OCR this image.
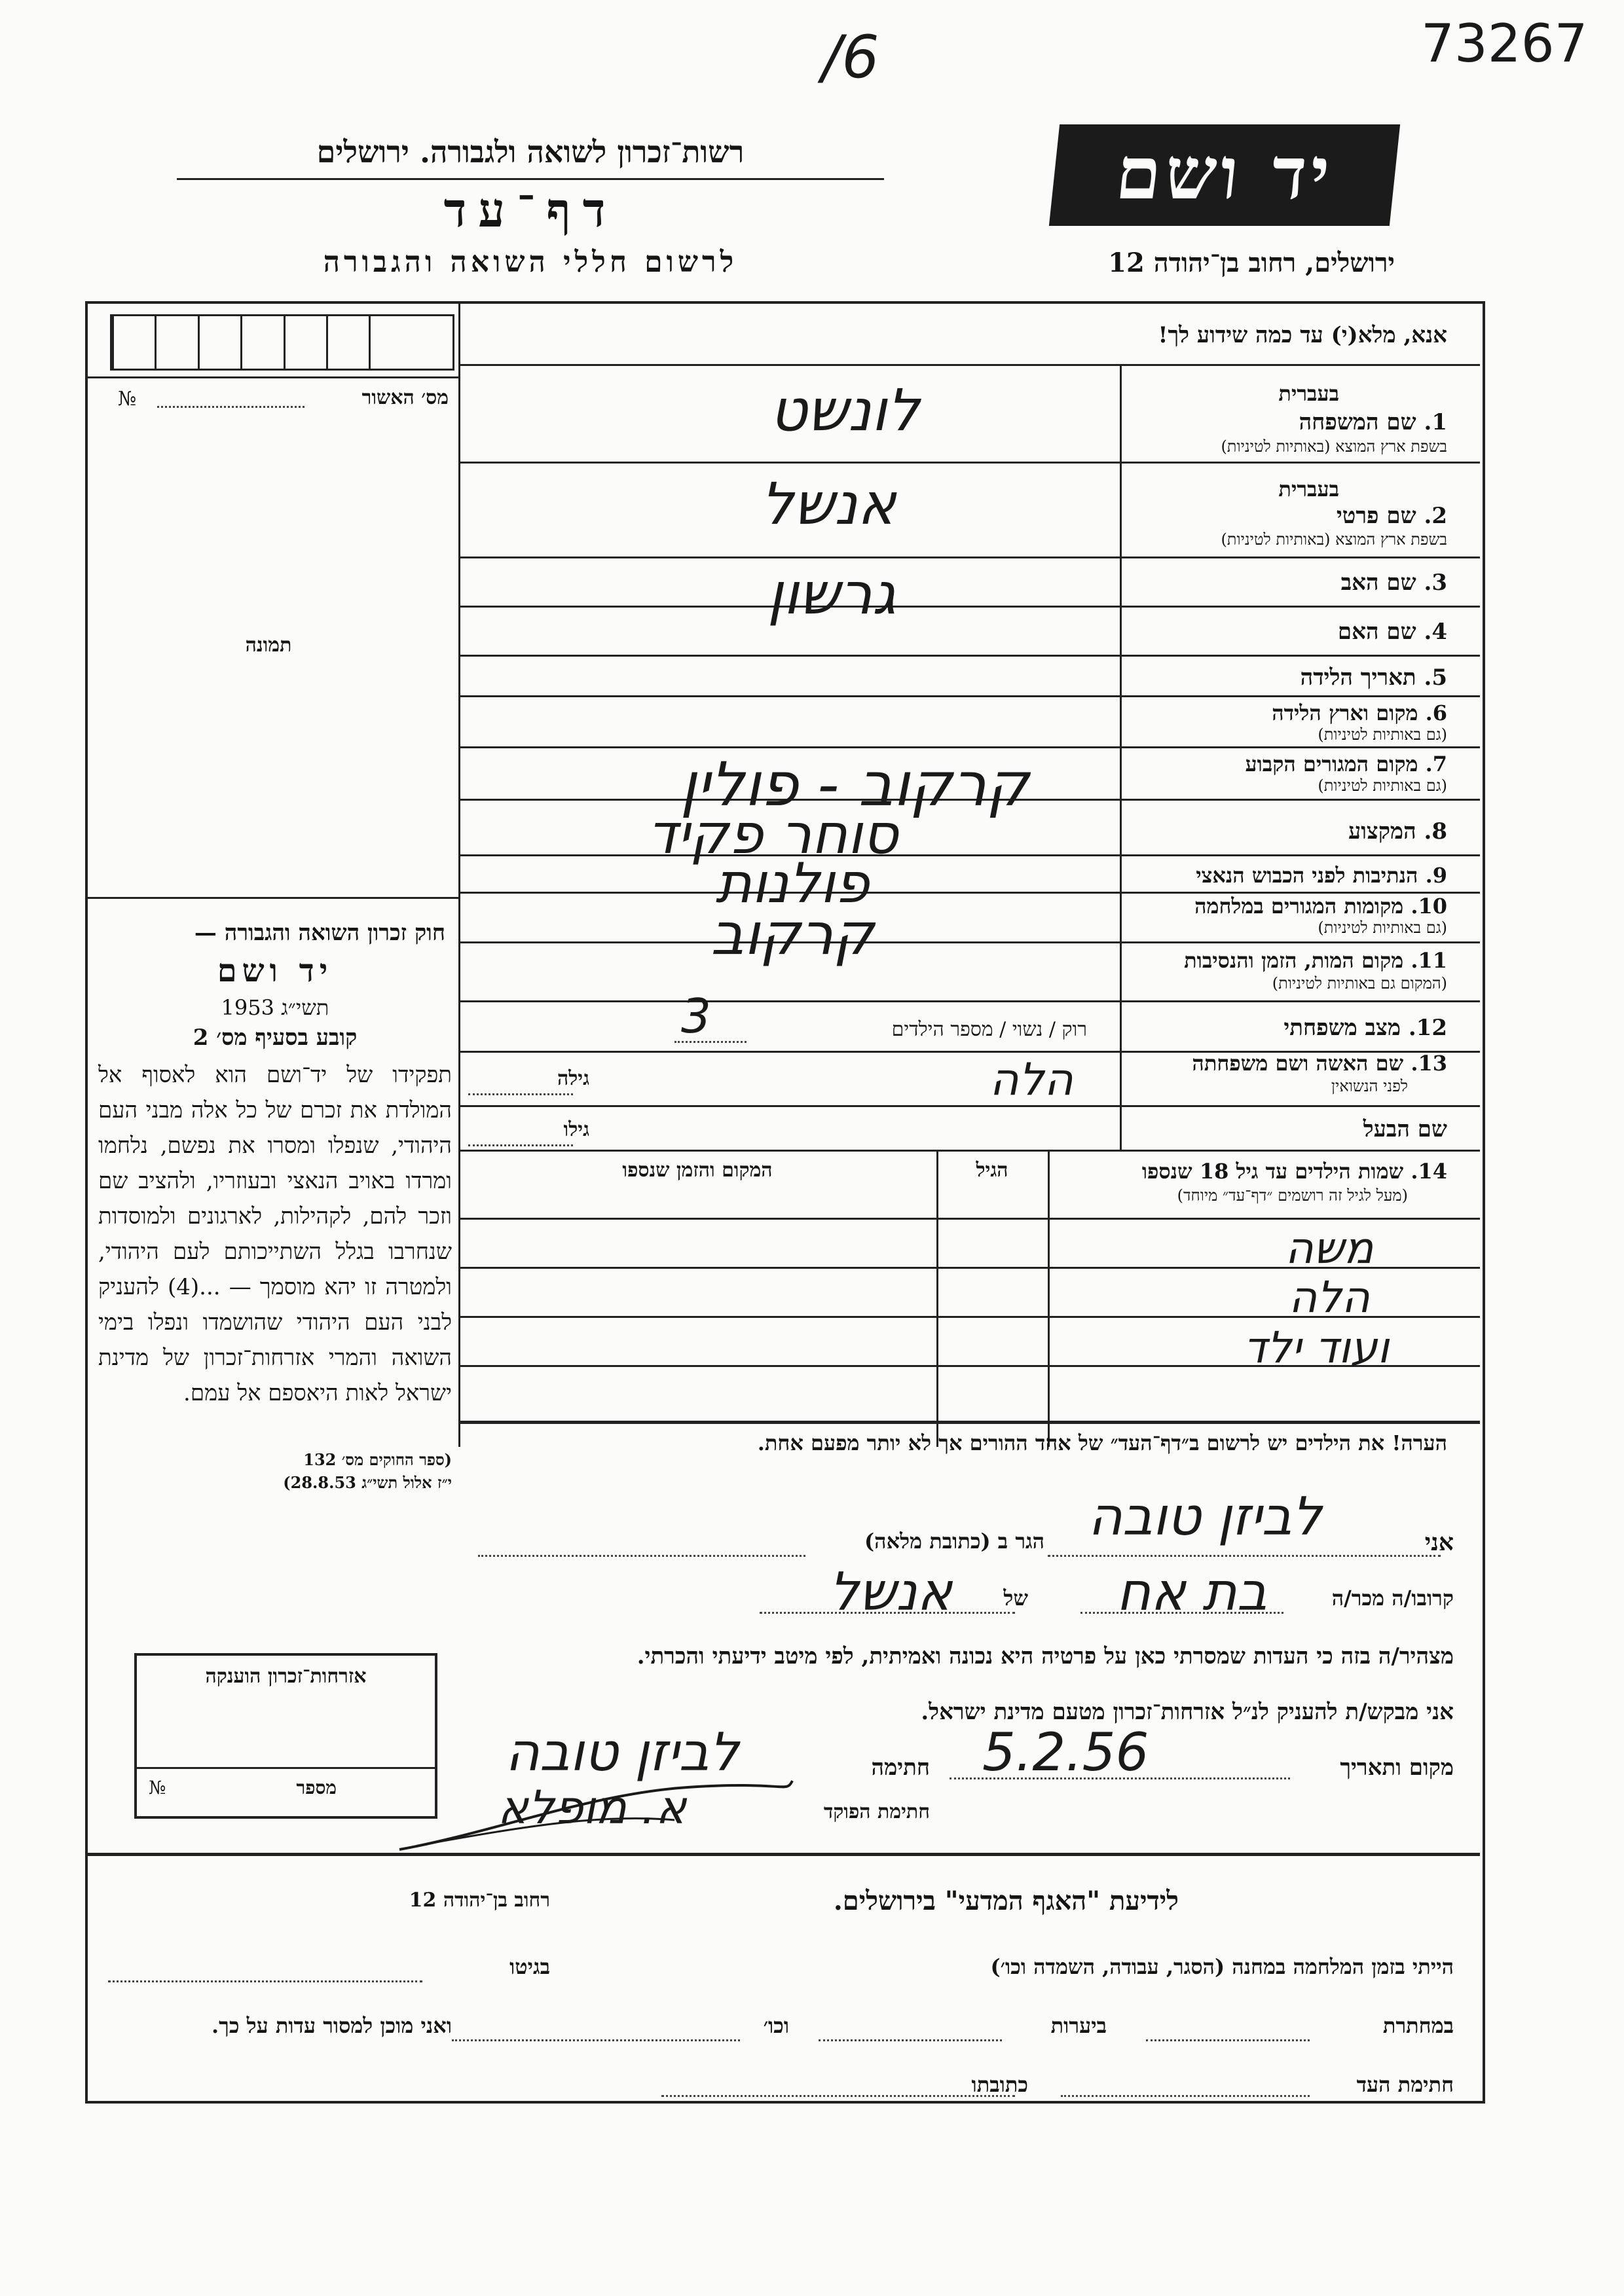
/6	73267
רשות־זכרון לשואה ולגבורה. ירושלים
דף־עד
לרשום חללי השואה והגבורה
יד ושם
ירושלים, רחוב בן־יהודה 12
מס׳ האשור
№
תמונה
חוק זכרון השואה והגבורה —
יד ושם
תשי״ג 1953
קובע בסעיף מס׳ 2
תפקידו של יד־ושם הוא לאסוף אל המולדת את זכרם של כל אלה מבני העם היהודי, שנפלו ומסרו את נפשם, נלחמו ומרדו באויב הנאצי ובעוזריו, ולהציב שם וזכר להם, לקהילות, לארגונים ולמוסדות שנחרבו בגלל השתייכותם לעם היהודי, ולמטרה זו יהא מוסמך — ...(4) להעניק לבני העם היהודי שהושמדו ונפלו בימי השואה והמרי אזרחות־זכרון של מדינת ישראל לאות היאספם אל עמם.
(ספר החוקים מס׳ 132
י״ז אלול תשי״ג 28.8.53)
אנא, מלא(י) עד כמה שידוע לך!
בעברית
1. שם המשפחה
בשפת ארץ המוצא (באותיות לטיניות)
בעברית
2. שם פרטי
בשפת ארץ המוצא (באותיות לטיניות)
3. שם האב
4. שם האם
5. תאריך הלידה
6. מקום וארץ הלידה
(גם באותיות לטיניות)
7. מקום המגורים הקבוע
(גם באותיות לטיניות)
8. המקצוע
9. הנתיבות לפני הכבוש הנאצי
10. מקומות המגורים במלחמה
(גם באותיות לטיניות)
11. מקום המות, הזמן והנסיבות
(המקום גם באותיות לטיניות)
12. מצב משפחתי
רוק / נשוי / מספר הילדים
13. שם האשה ושם משפחתה
לפני הנשואין
גילה
שם הבעל
גילו
14. שמות הילדים עד גיל 18 שנספו
(מעל לגיל זה רושמים ״דף־עד״ מיוחד)
הגיל
המקום והזמן שנספו
הערה! את הילדים יש לרשום ב״דף־העד״ של אחד ההורים אך לא יותר מפעם אחת.
לונשט
אנשל
גרשון
קרקוב - פולין
סוחר פקיד
פולנות
קרקוב
3
הלה
משה
הלה
ועוד ילד
אני
לביזן טובה
הגר ב (כתובת מלאה)
קרובו/ה מכר/ה
בת אח
של
אנשל
מצהיר/ה בזה כי העדות שמסרתי כאן על פרטיה היא נכונה ואמיתית, לפי מיטב ידיעתי והכרתי.
אני מבקש/ת להעניק לנ״ל אזרחות־זכרון מטעם מדינת ישראל.
מקום ותאריך
5.2.56
חתימה
לביזן טובה
חתימת הפוקד
א. מופלא
אזרחות־זכרון הוענקה
מספר
№
לידיעת "האגף המדעי" בירושלים.
רחוב בן־יהודה 12
הייתי בזמן המלחמה במחנה (הסגר, עבודה, השמדה וכו׳)
בגיטו
במחתרת
ביערות
וכו׳
ואני מוכן למסור עדות על כך.
חתימת העד
כתובתו
